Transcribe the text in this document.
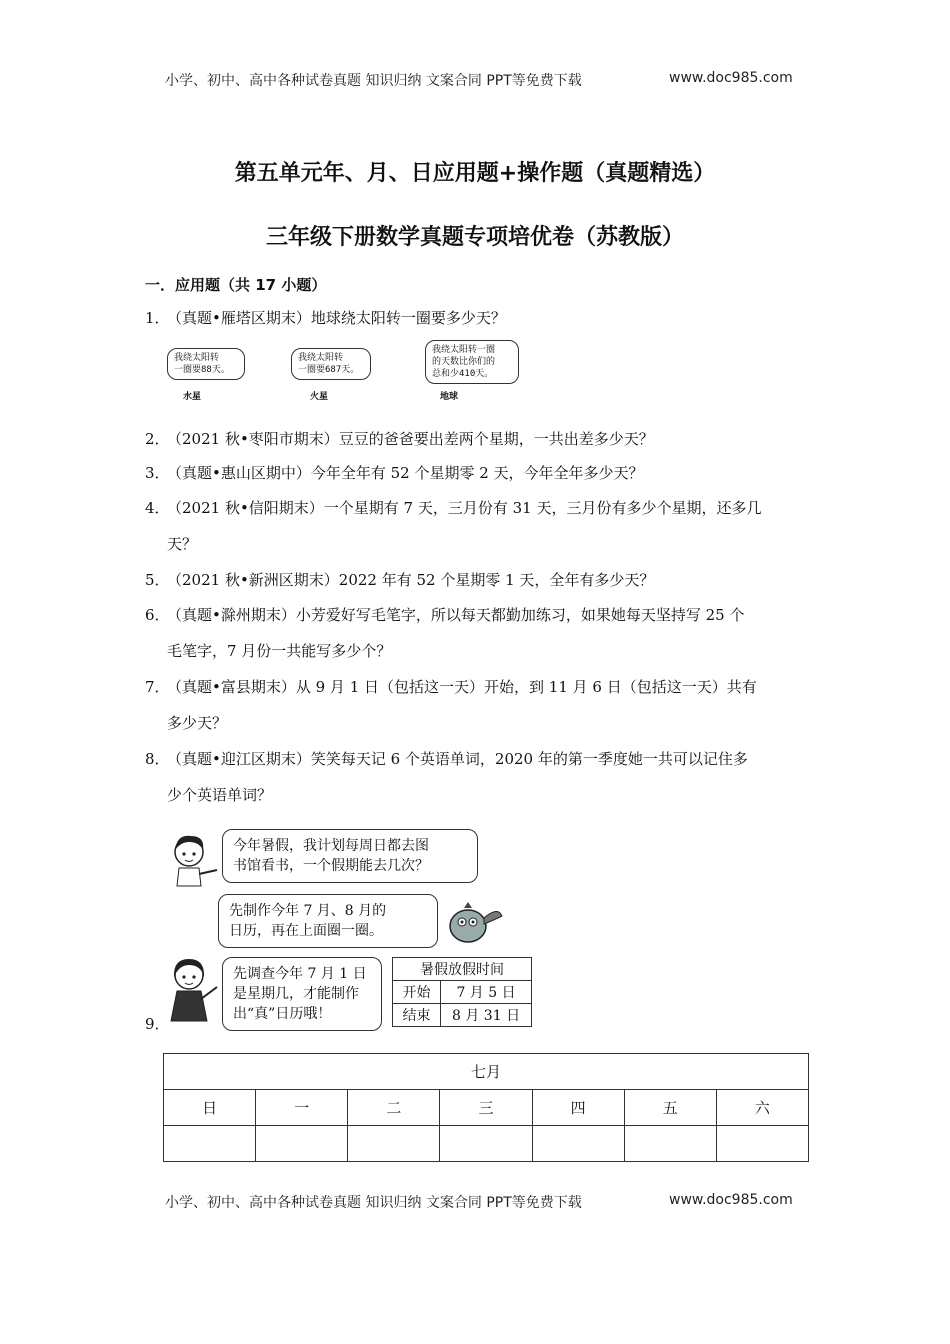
小学、初中、高中各种试卷真题 知识归纳 文案合同 PPT等免费下载	www.doc985.com
第五单元年、月、日应用题+操作题（真题精选）
三年级下册数学真题专项培优卷（苏教版）
一．应用题（共 17 小题）
1．（真题•雁塔区期末）地球绕太阳转一圈要多少天？
我绕太阳转
一圈要88天。
水星
我绕太阳转
一圈要687天。
火星
我绕太阳转一圈
的天数比你们的
总和少410天。
地球
2．（2021 秋•枣阳市期末）豆豆的爸爸要出差两个星期，一共出差多少天？
3．（真题•惠山区期中）今年全年有 52 个星期零 2 天，今年全年多少天？
4．（2021 秋•信阳期末）一个星期有 7 天，三月份有 31 天，三月份有多少个星期，还多几
天？
5．（2021 秋•新洲区期末）2022 年有 52 个星期零 1 天，全年有多少天？
6．（真题•滁州期末）小芳爱好写毛笔字，所以每天都勤加练习，如果她每天坚持写 25 个
毛笔字，7 月份一共能写多少个？
7．（真题•富县期末）从 9 月 1 日（包括这一天）开始，到 11 月 6 日（包括这一天）共有
多少天？
8．（真题•迎江区期末）笑笑每天记 6 个英语单词，2020 年的第一季度她一共可以记住多
少个英语单词？
今年暑假，我计划每周日都去图
书馆看书，一个假期能去几次？
先制作今年 7 月、8 月的
日历，再在上面圈一圈。
先调查今年 7 月 1 日
是星期几，才能制作
出“真”日历哦！
暑假放假时间	
开始	7 月 5 日
结束	8 月 31 日
9．
七月						
日	一	二	三	四	五	六

小学、初中、高中各种试卷真题 知识归纳 文案合同 PPT等免费下载	www.doc985.com
